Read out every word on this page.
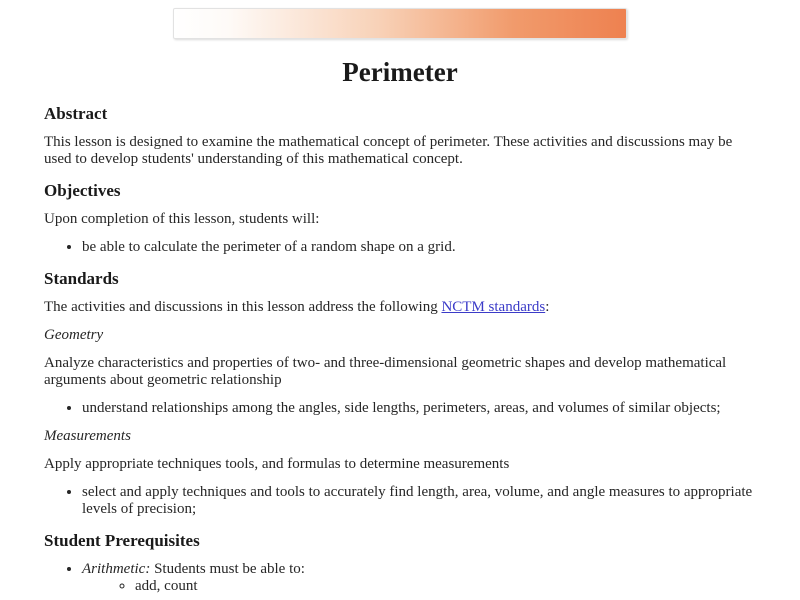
Perimeter
Abstract

This lesson is designed to examine the mathematical concept of perimeter. These activities and discussions may be used to develop students' understanding of this mathematical concept.

Objectives

Upon completion of this lesson, students will:

• be able to calculate the perimeter of a random shape on a grid.
Standards

The activities and discussions in this lesson address the following NCTM standards:

Geometry

Analyze characteristics and properties of two- and three-dimensional geometric shapes and develop mathematical arguments about geometric relationship

• understand relationships among the angles, side lengths, perimeters, areas, and volumes of similar objects;

Measurements

Apply appropriate techniques tools, and formulas to determine measurements

• select and apply techniques and tools to accurately find length, area, volume, and angle measures to appropriate levels of precision;
Student Prerequisites
• Arithmetic: Students must be able to:
◦ add, count
